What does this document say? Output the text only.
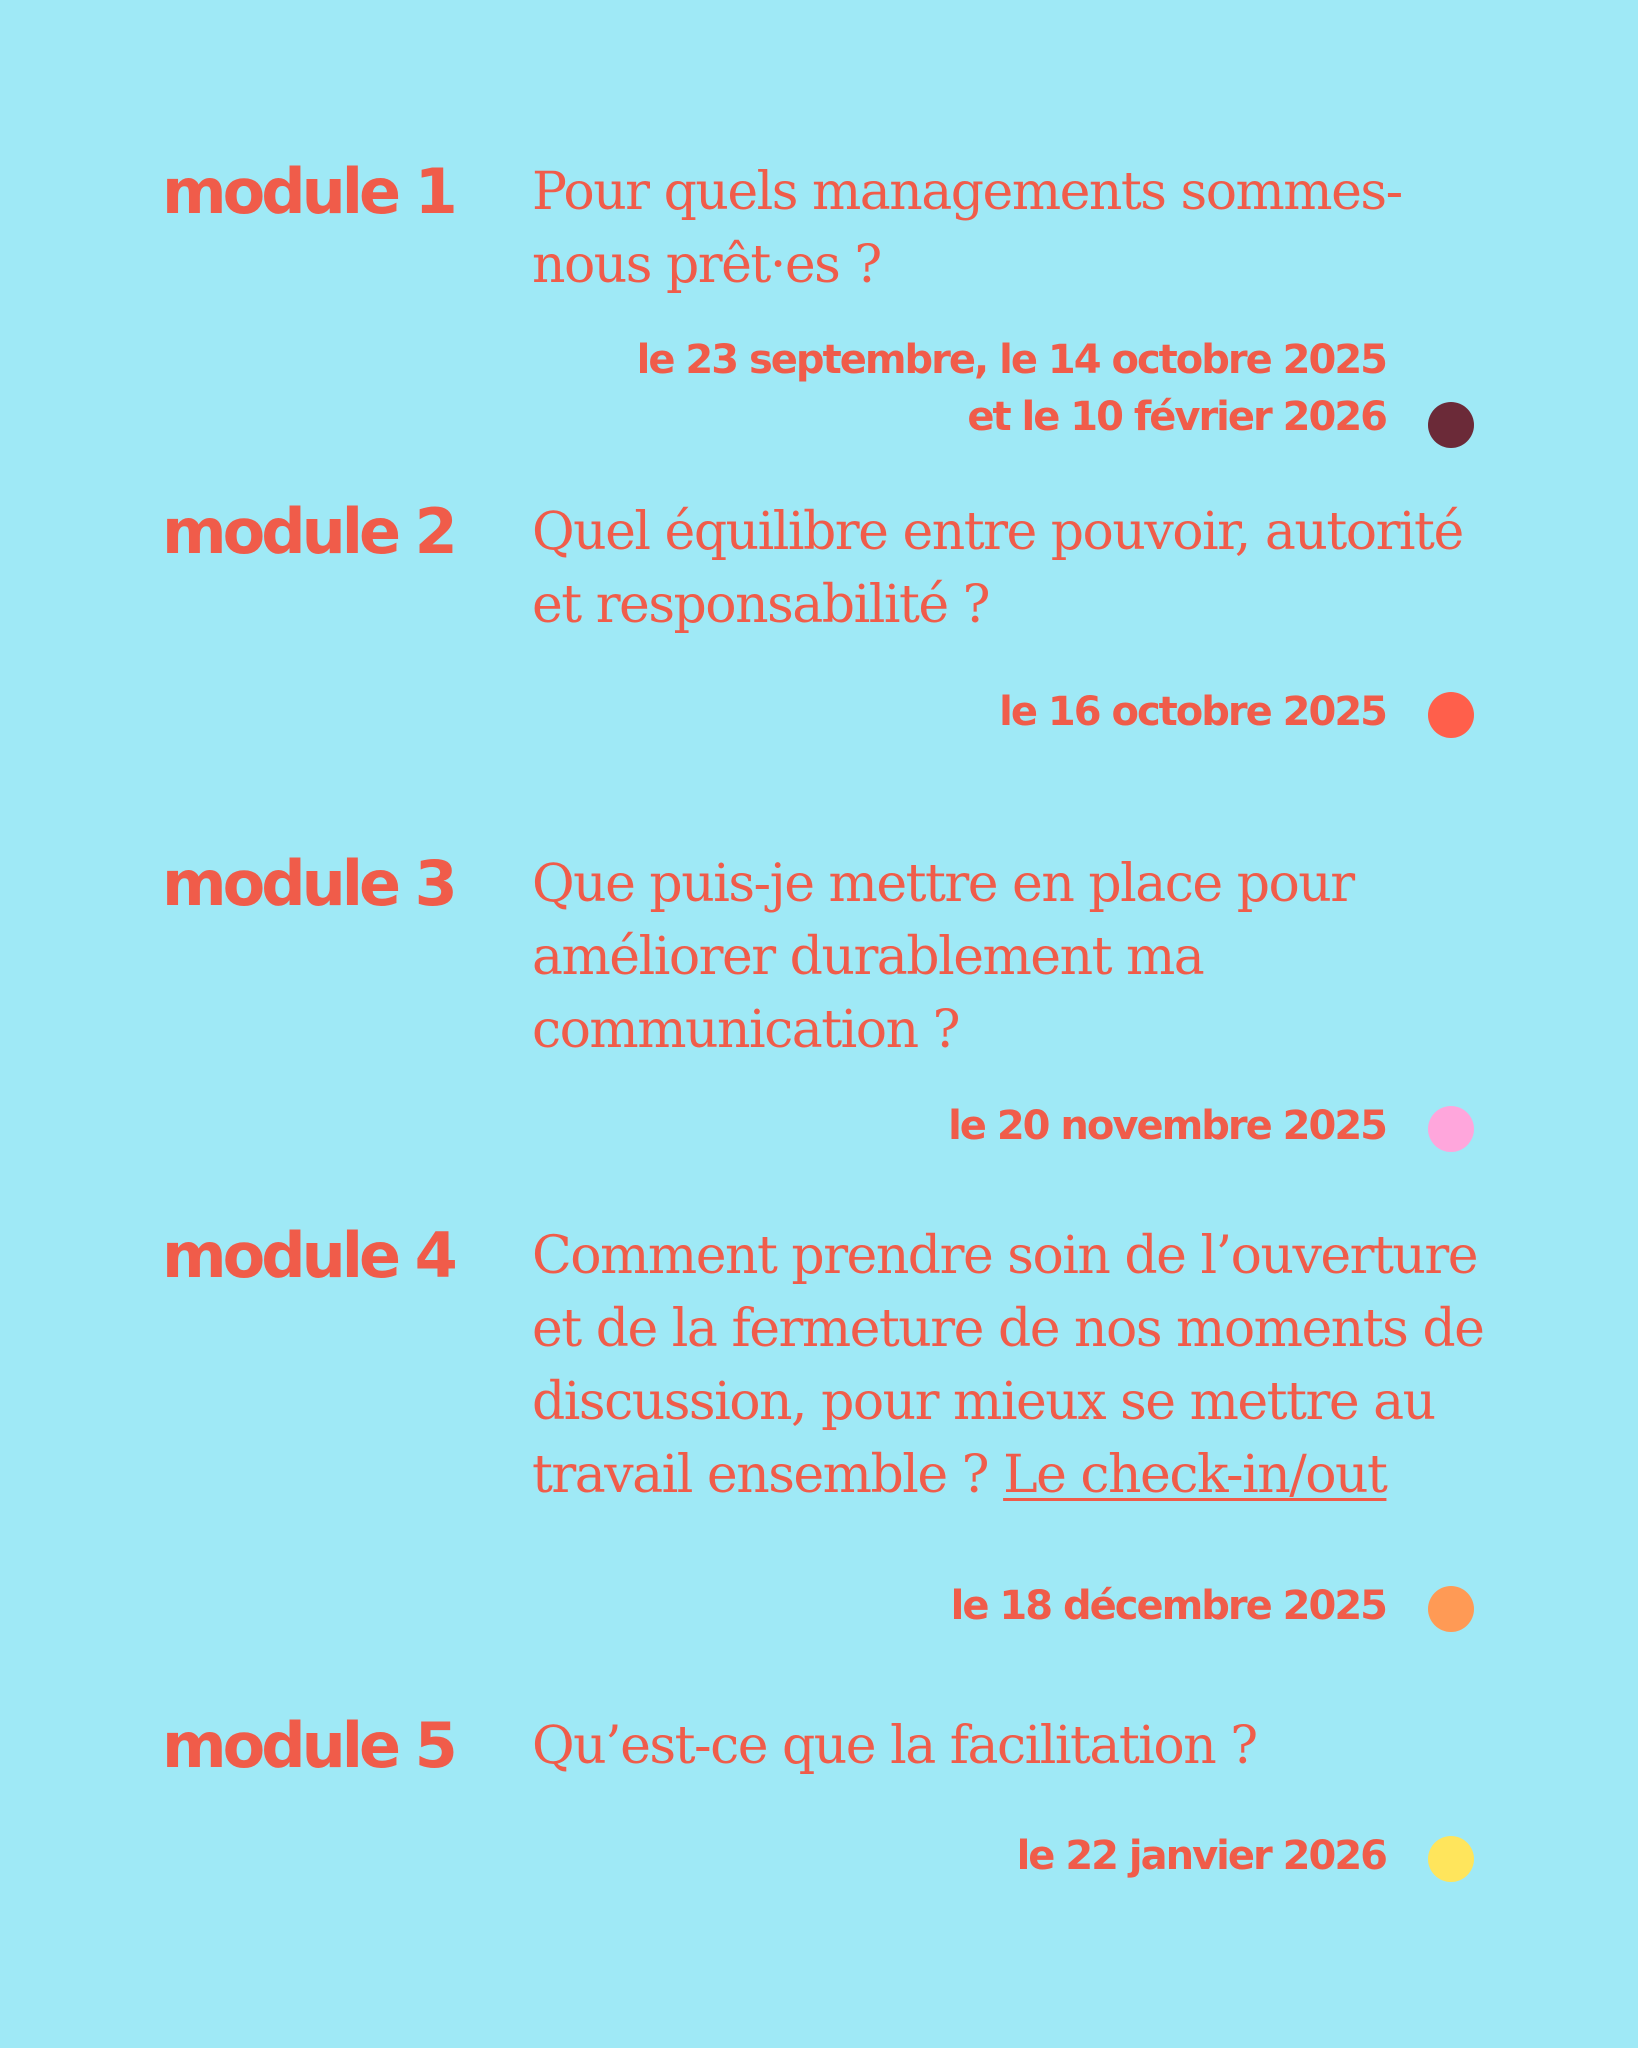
module 1 Pour quels managements sommes-nous prêt·es ?

le 23 septembre, le 14 octobre 2025
et le 10 février 2026
module 2 Quel équilibre entre pouvoir, autorité et responsabilité ?

le 16 octobre 2025
module 3 Que puis-je mettre en place pour améliorer durablement ma communication ?

le 20 novembre 2025
module 4 Comment prendre soin de l’ouverture et de la fermeture de nos moments de discussion, pour mieux se mettre au travail ensemble ? Le check-in/out

le 18 décembre 2025
module 5 Qu’est-ce que la facilitation ?

le 22 janvier 2026
